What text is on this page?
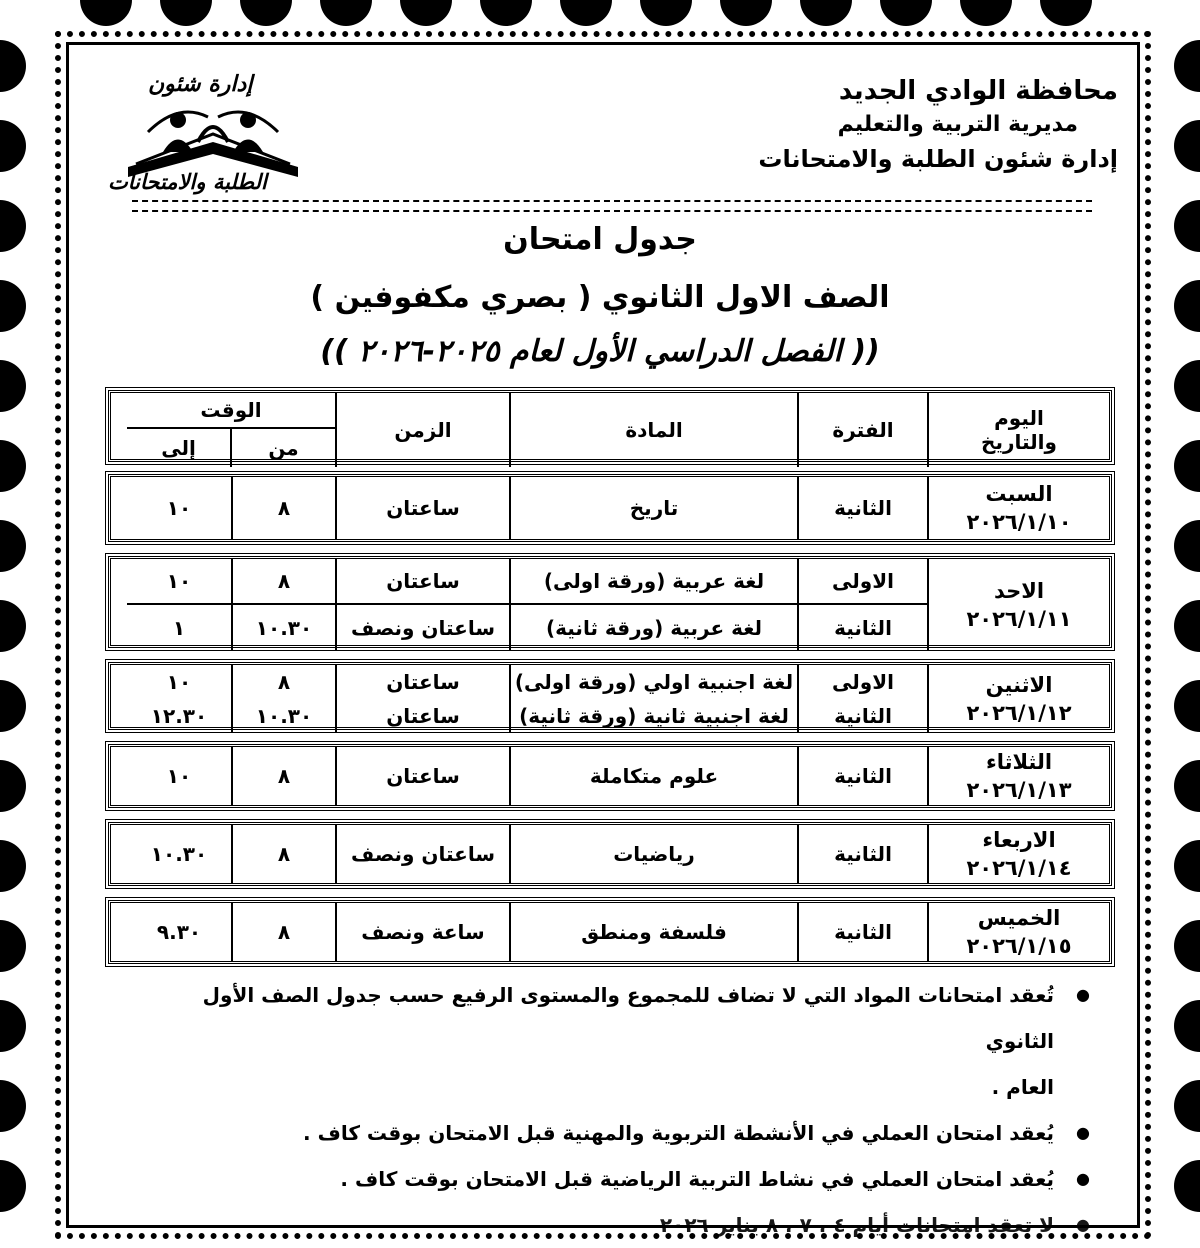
محافظة الوادي الجديد
مديرية التربية والتعليم
إدارة شئون الطلبة والامتحانات
إدارة شئون
الطلبة والامتحانات
جدول امتحان
الصف الاول الثانوي ( بصري مكفوفين )
(( الفصل الدراسي الأول لعام ٢٠٢٥-٢٠٢٦ ))
اليوم والتاريخ
الفترة
المادة
الزمن
الوقت
من
إلى
السبت
٢٠٢٦/١/١٠
الثانية
تاريخ
ساعتان
٨
١٠
الاحد
٢٠٢٦/١/١١
الاولى
لغة عربية (ورقة اولى)
ساعتان
٨
١٠
الثانية
لغة عربية (ورقة ثانية)
ساعتان ونصف
١٠.٣٠
١
الاثنين
٢٠٢٦/١/١٢
الاولى
لغة اجنبية اولي (ورقة اولى)
ساعتان
٨
١٠
الثانية
لغة اجنبية ثانية (ورقة ثانية)
ساعتان
١٠.٣٠
١٢.٣٠
الثلاثاء
٢٠٢٦/١/١٣
الثانية
علوم متكاملة
ساعتان
٨
١٠
الاربعاء
٢٠٢٦/١/١٤
الثانية
رياضيات
ساعتان ونصف
٨
١٠.٣٠
الخميس
٢٠٢٦/١/١٥
الثانية
فلسفة ومنطق
ساعة ونصف
٨
٩.٣٠
● تُعقد امتحانات المواد التي لا تضاف للمجموع والمستوى الرفيع حسب جدول الصف الأول الثانوي
العام .
● يُعقد امتحان العملي في الأنشطة التربوية والمهنية قبل الامتحان بوقت كاف .
● يُعقد امتحان العملي في نشاط التربية الرياضية قبل الامتحان بوقت كاف .
● لا تعقد امتحانات أيام ٤ ، ٧ ، ٨ يناير ٢٠٢٦
